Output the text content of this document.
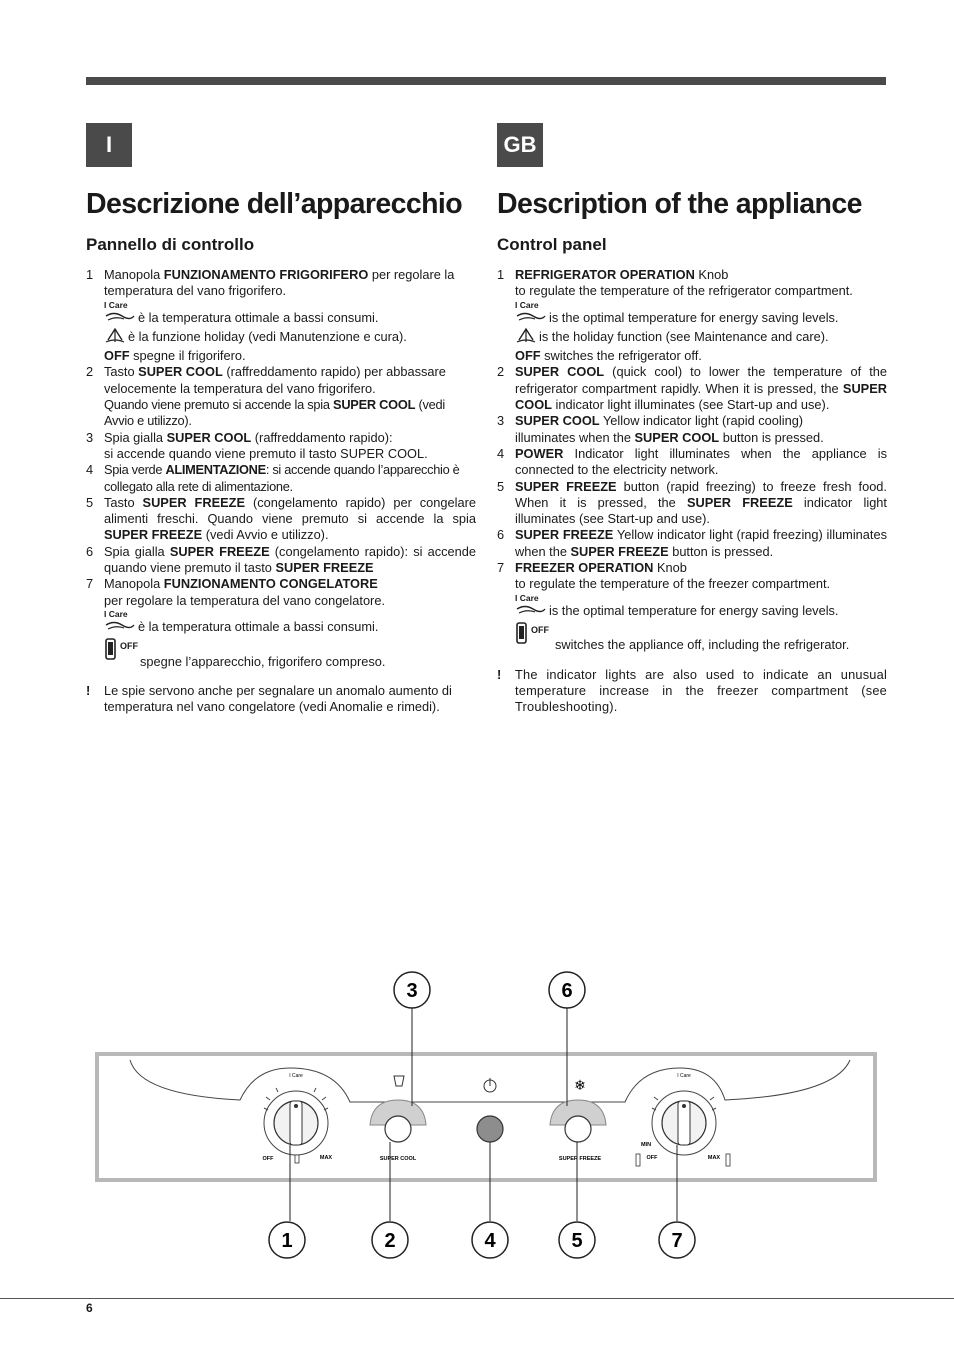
I	GB
Descrizione dell’apparecchio
Pannello di controllo
1 Manopola FUNZIONAMENTO FRIGORIFERO per regolare la temperatura del vano frigorifero.
I Care
è la temperatura ottimale a bassi consumi.
è la funzione holiday (vedi Manutenzione e cura).
OFF spegne il frigorifero.
2 Tasto SUPER COOL (raffreddamento rapido) per abbassare velocemente la temperatura del vano frigorifero.
Quando viene premuto si accende la spia SUPER COOL (vedi Avvio e utilizzo).
3 Spia gialla SUPER COOL (raffreddamento rapido):
si accende quando viene premuto il tasto SUPER COOL.
4 Spia verde ALIMENTAZIONE: si accende quando l’apparecchio è collegato alla rete di alimentazione.
5 Tasto SUPER FREEZE (congelamento rapido) per congelare alimenti freschi. Quando viene premuto si accende la spia SUPER FREEZE (vedi Avvio e utilizzo).
6 Spia gialla SUPER FREEZE (congelamento rapido): si accende quando viene premuto il tasto SUPER FREEZE
7 Manopola FUNZIONAMENTO CONGELATORE
per regolare la temperatura del vano congelatore.
I Care
è la temperatura ottimale a bassi consumi.
OFF
spegne l’apparecchio, frigorifero compreso.
! Le spie servono anche per segnalare un anomalo aumento di temperatura nel vano congelatore (vedi Anomalie e rimedi).
Description of the appliance
Control panel
1 REFRIGERATOR OPERATION Knob
to regulate the temperature of the refrigerator compartment.
I Care
is the optimal temperature for energy saving levels.
is the holiday function (see Maintenance and care).
OFF switches the refrigerator off.
2 SUPER COOL (quick cool) to lower the temperature of the refrigerator compartment rapidly. When it is pressed, the SUPER COOL indicator light illuminates (see Start-up and use).
3 SUPER COOL Yellow indicator light (rapid cooling)
illuminates when the SUPER COOL button is pressed.
4 POWER Indicator light illuminates when the appliance is connected to the electricity network.
5 SUPER FREEZE button (rapid freezing) to freeze fresh food. When it is pressed, the SUPER FREEZE indicator light illuminates (see Start-up and use).
6 SUPER FREEZE Yellow indicator light (rapid freezing) illuminates when the SUPER FREEZE button is pressed.
7 FREEZER OPERATION Knob
to regulate the temperature of the freezer compartment.
I Care
is the optimal temperature for energy saving levels.
OFF
switches the appliance off, including the refrigerator.
! The indicator lights are also used to indicate an unusual temperature increase in the freezer compartment (see Troubleshooting).
I Care
OFF	MAX	SUPER COOL	SUPER FREEZE
❄
I Care
MIN
OFF	MAX
3	6
1	2	4	5	7
6
